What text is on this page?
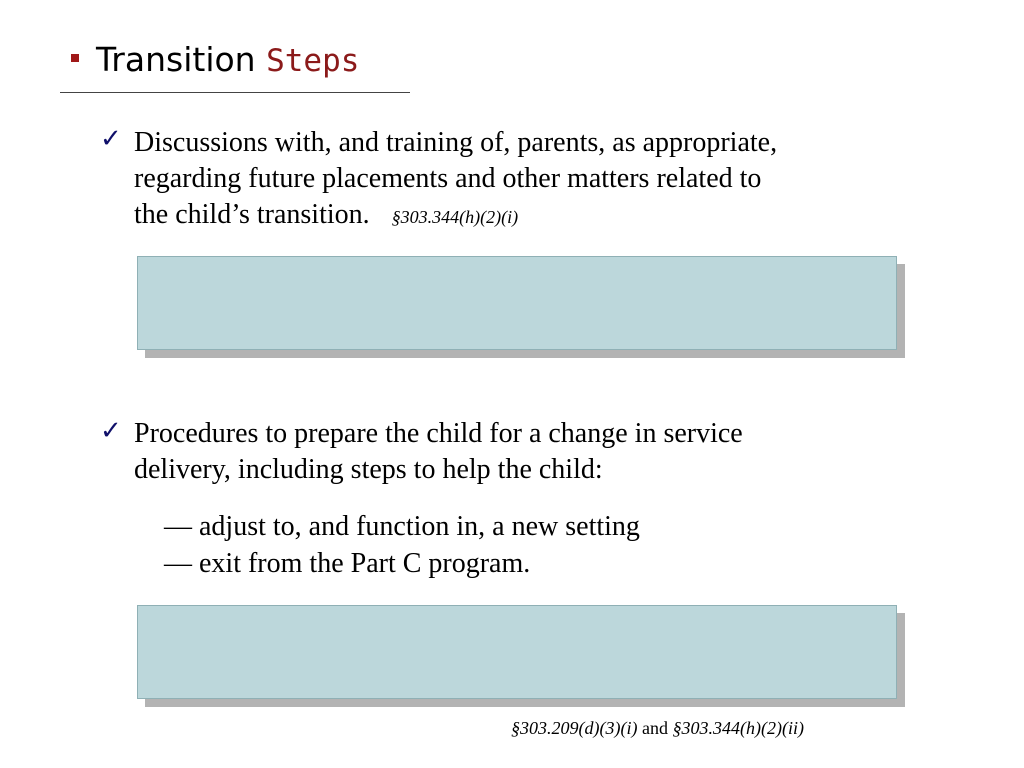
Transition Steps
✓ Discussions with, and training of, parents, as appropriate,
regarding future placements and other matters related to
the child’s transition. §303.344(h)(2)(i)
✓ Procedures to prepare the child for a change in service
delivery, including steps to help the child:
— adjust to, and function in, a new setting
— exit from the Part C program.
§303.209(d)(3)(i) and §303.344(h)(2)(ii)
